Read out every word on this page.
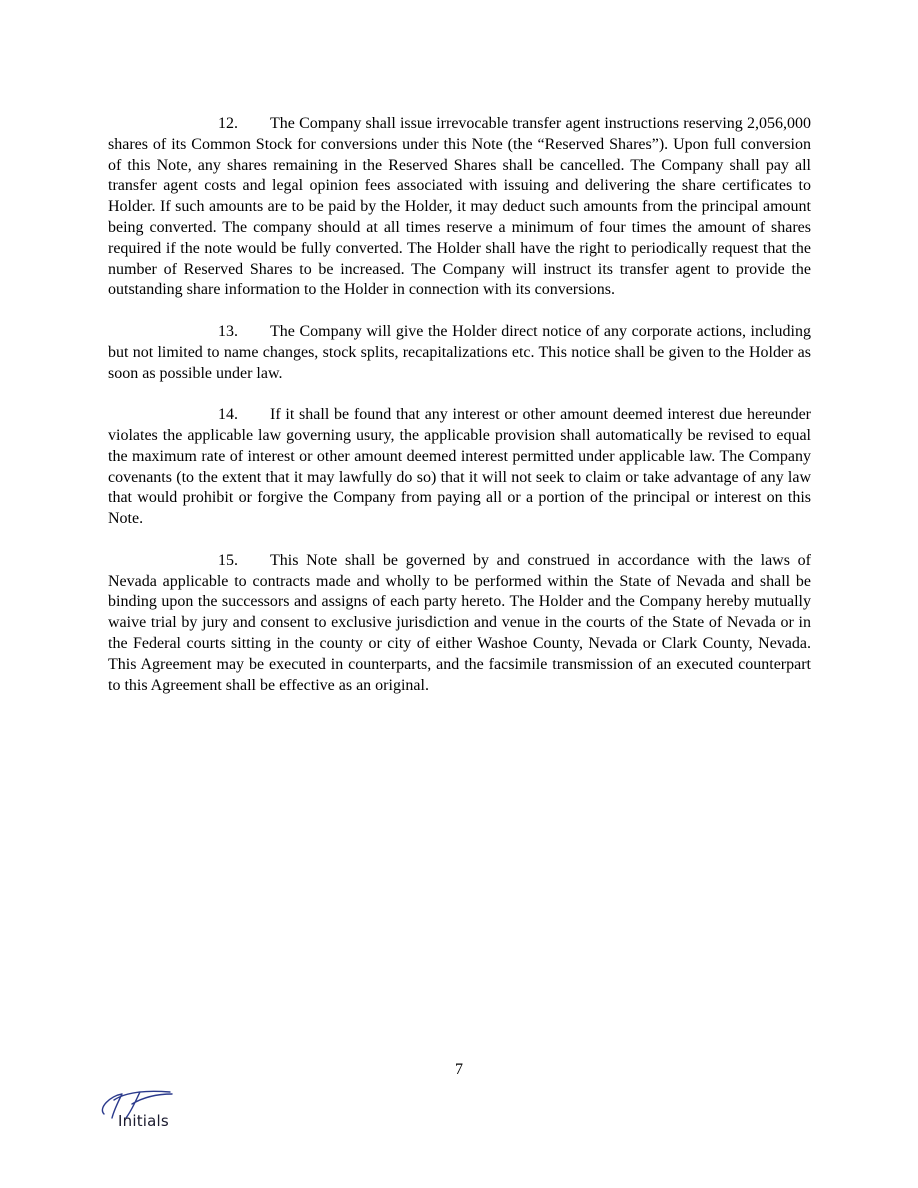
12. The Company shall issue irrevocable transfer agent instructions reserving 2,056,000 shares of its Common Stock for conversions under this Note (the “Reserved Shares”). Upon full conversion of this Note, any shares remaining in the Reserved Shares shall be cancelled. The Company shall pay all transfer agent costs and legal opinion fees associated with issuing and delivering the share certificates to Holder. If such amounts are to be paid by the Holder, it may deduct such amounts from the principal amount being converted. The company should at all times reserve a minimum of four times the amount of shares required if the note would be fully converted. The Holder shall have the right to periodically request that the number of Reserved Shares to be increased. The Company will instruct its transfer agent to provide the outstanding share information to the Holder in connection with its conversions.

13. The Company will give the Holder direct notice of any corporate actions, including but not limited to name changes, stock splits, recapitalizations etc. This notice shall be given to the Holder as soon as possible under law.

14. If it shall be found that any interest or other amount deemed interest due hereunder violates the applicable law governing usury, the applicable provision shall automatically be revised to equal the maximum rate of interest or other amount deemed interest permitted under applicable law. The Company covenants (to the extent that it may lawfully do so) that it will not seek to claim or take advantage of any law that would prohibit or forgive the Company from paying all or a portion of the principal or interest on this Note.

15. This Note shall be governed by and construed in accordance with the laws of Nevada applicable to contracts made and wholly to be performed within the State of Nevada and shall be binding upon the successors and assigns of each party hereto. The Holder and the Company hereby mutually waive trial by jury and consent to exclusive jurisdiction and venue in the courts of the State of Nevada or in the Federal courts sitting in the county or city of either Washoe County, Nevada or Clark County, Nevada. This Agreement may be executed in counterparts, and the facsimile transmission of an executed counterpart to this Agreement shall be effective as an original.

7
Initials
